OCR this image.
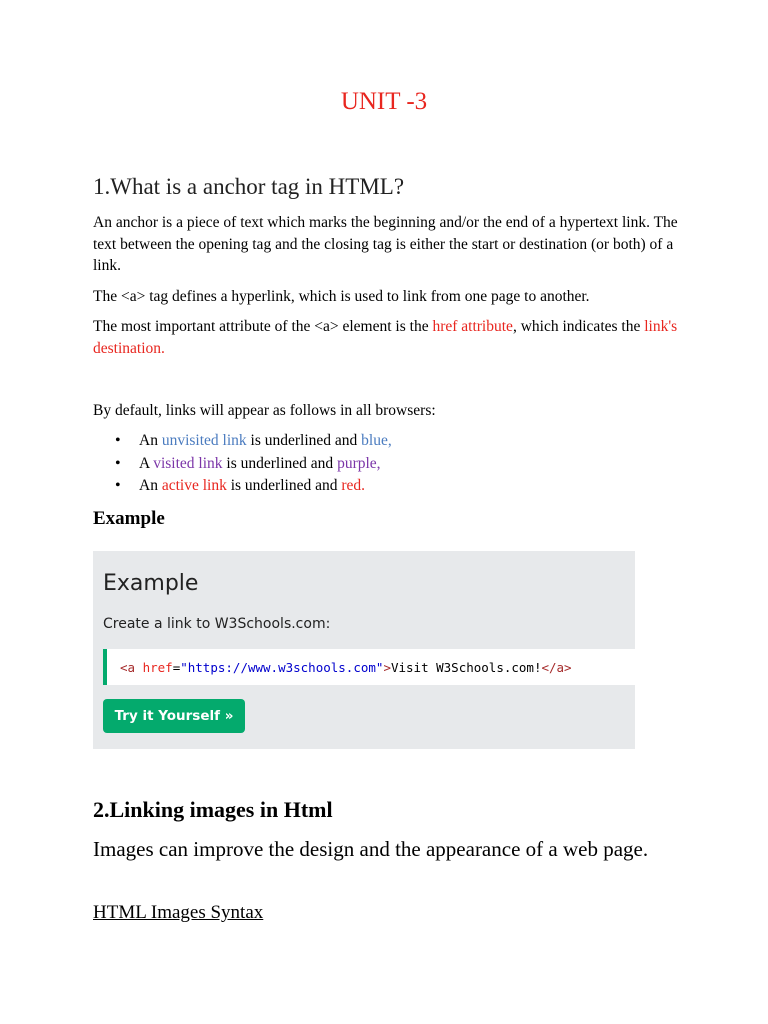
UNIT -3
1.What is a anchor tag in HTML?

An anchor is a piece of text which marks the beginning and/or the end of a hypertext link. The text between the opening tag and the closing tag is either the start or destination (or both) of a link.

The <a> tag defines a hyperlink, which is used to link from one page to another.

The most important attribute of the <a> element is the href attribute, which indicates the link's destination.

By default, links will appear as follows in all browsers:

• An unvisited link is underlined and blue,
• A visited link is underlined and purple,
• An active link is underlined and red.
Example
Example

Create a link to W3Schools.com:

<a href = "https://www.w3schools.com" > Visit W3Schools.com! </a>
Try it Yourself »
2.Linking images in Html

Images can improve the design and the appearance of a web page.

HTML Images Syntax
